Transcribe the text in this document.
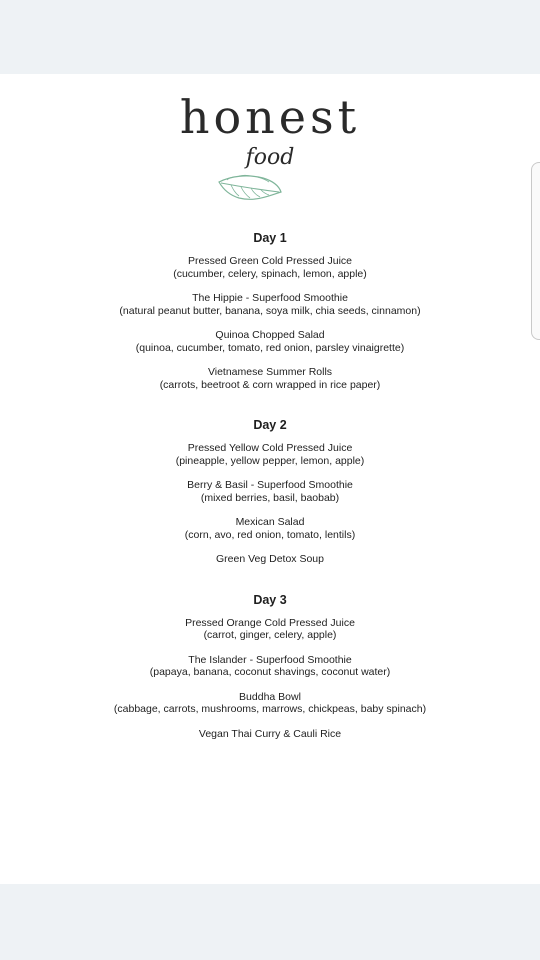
honest
food
Day 1
Pressed Green Cold Pressed Juice
(cucumber, celery, spinach, lemon, apple)
The Hippie - Superfood Smoothie
(natural peanut butter, banana, soya milk, chia seeds, cinnamon)
Quinoa Chopped Salad
(quinoa, cucumber, tomato, red onion, parsley vinaigrette)
Vietnamese Summer Rolls
(carrots, beetroot & corn wrapped in rice paper)
Day 2
Pressed Yellow Cold Pressed Juice
(pineapple, yellow pepper, lemon, apple)
Berry & Basil - Superfood Smoothie
(mixed berries, basil, baobab)
Mexican Salad
(corn, avo, red onion, tomato, lentils)
Green Veg Detox Soup
Day 3
Pressed Orange Cold Pressed Juice
(carrot, ginger, celery, apple)
The Islander - Superfood Smoothie
(papaya, banana, coconut shavings, coconut water)
Buddha Bowl
(cabbage, carrots, mushrooms, marrows, chickpeas, baby spinach)
Vegan Thai Curry & Cauli Rice
